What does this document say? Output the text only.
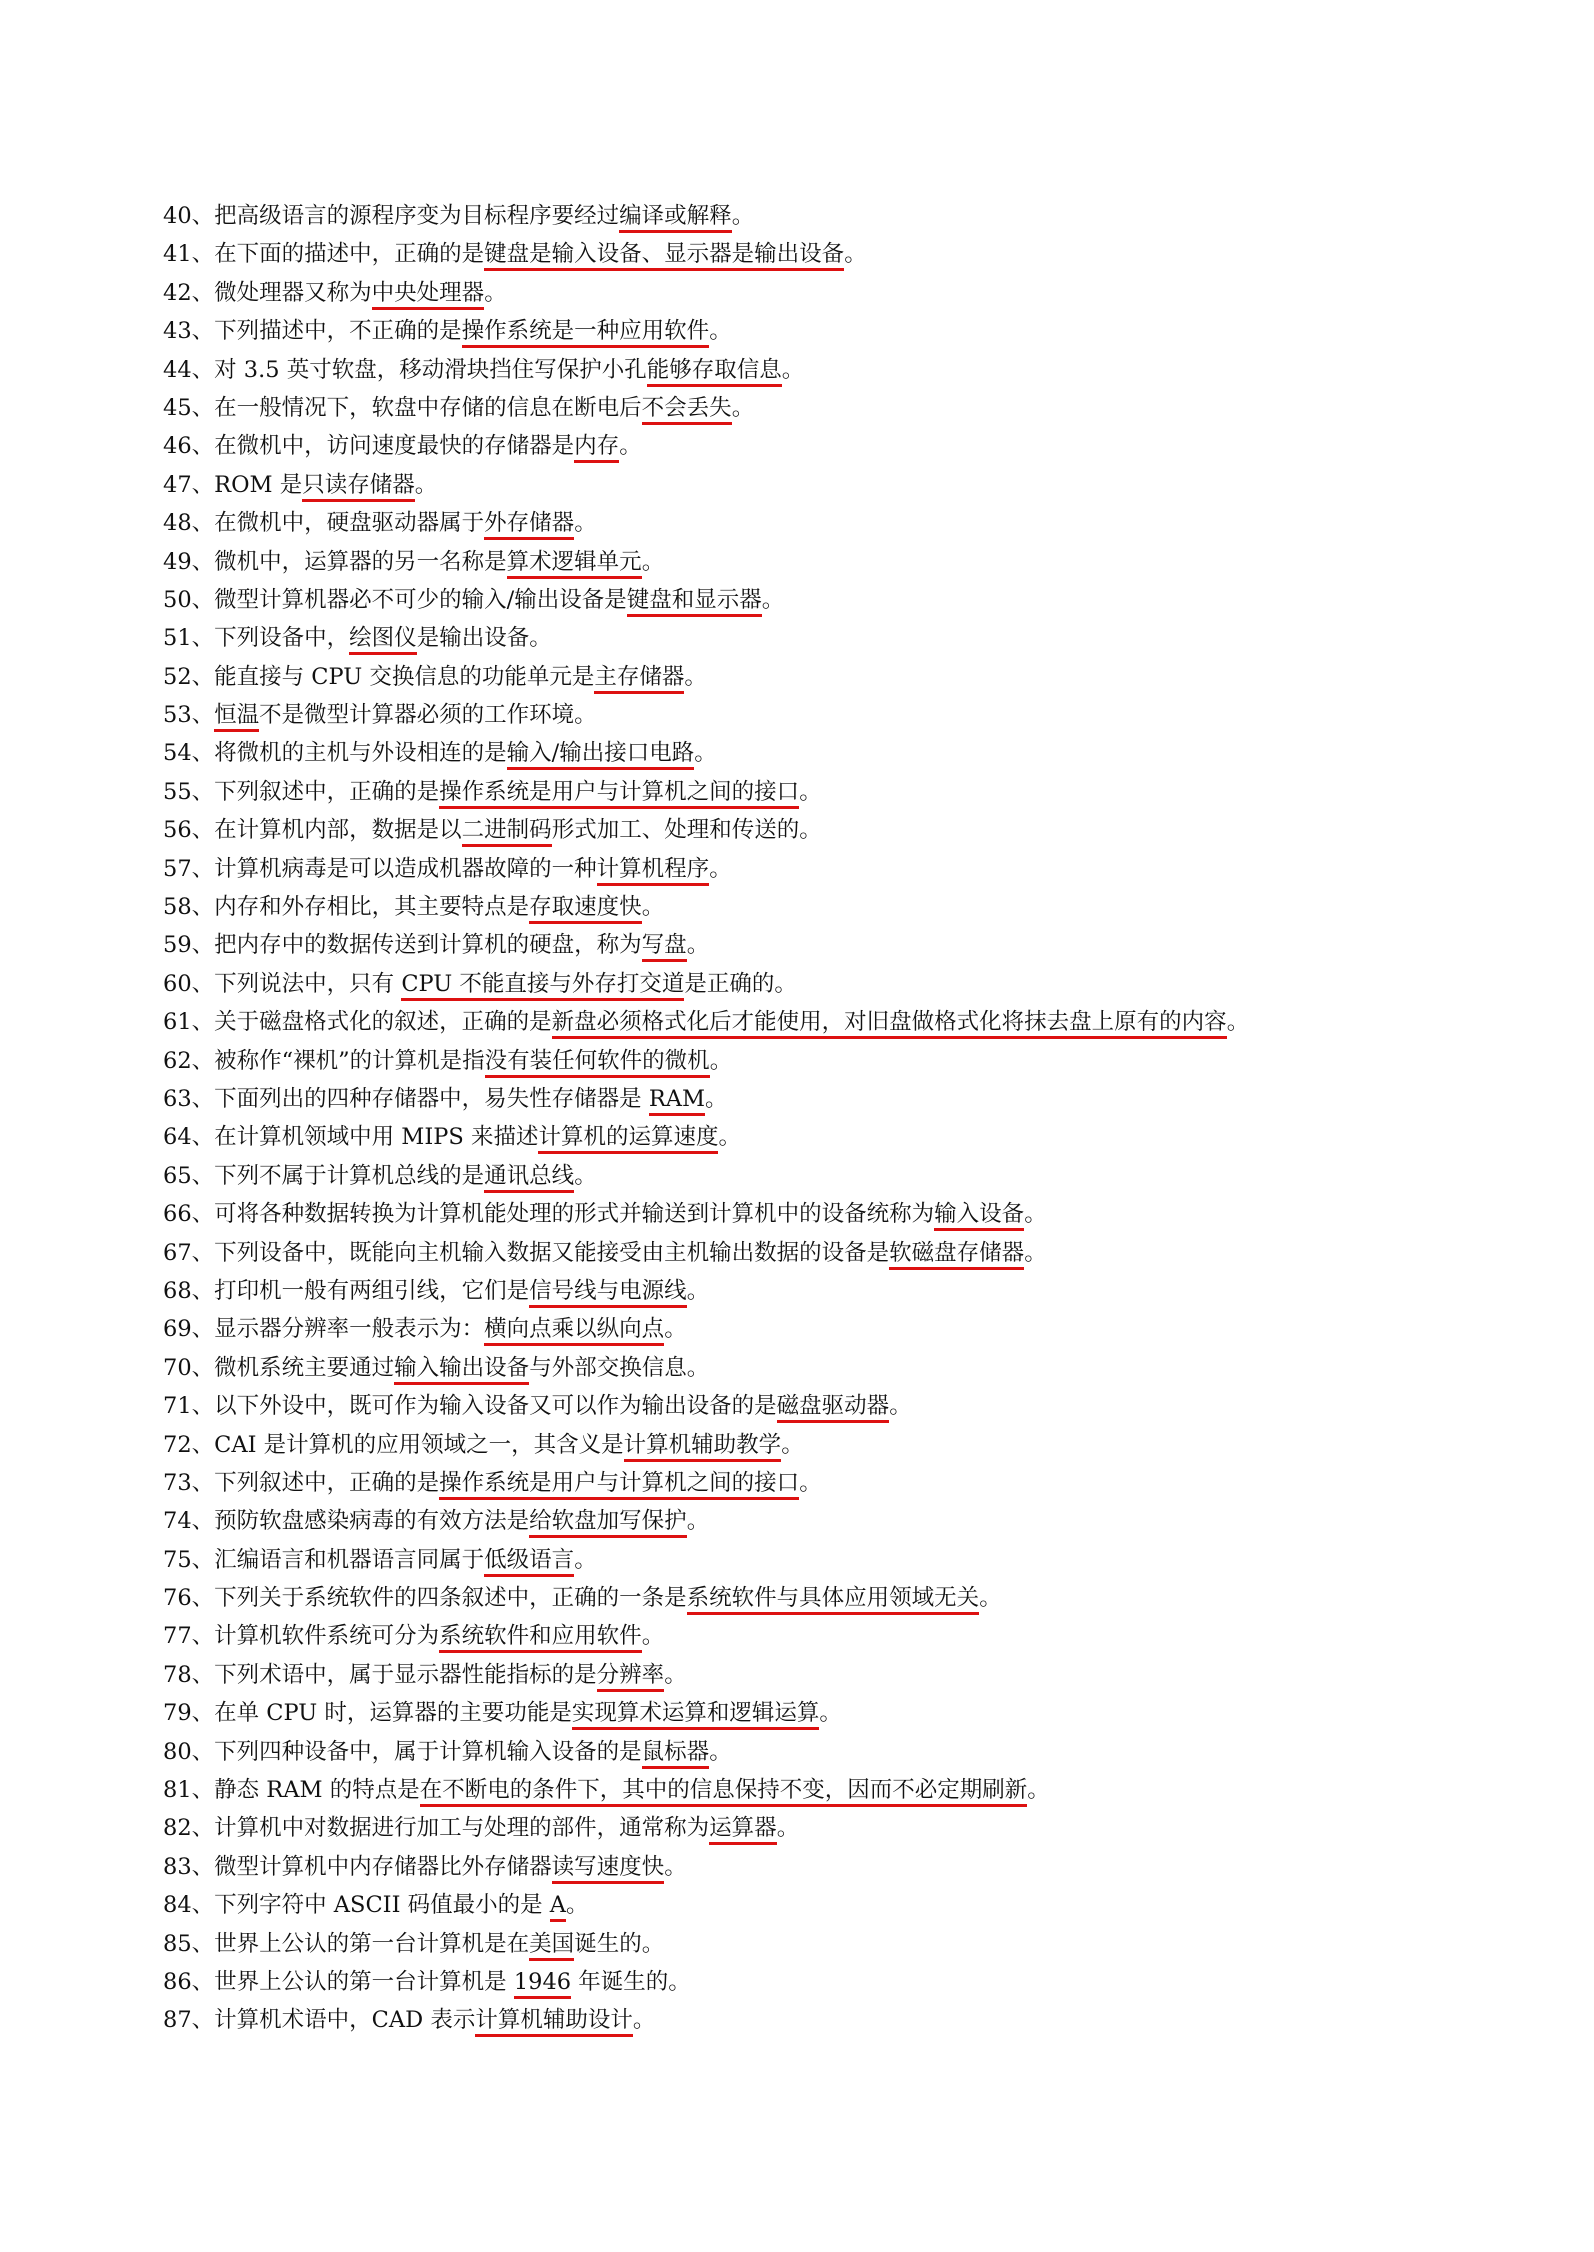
40、把高级语言的源程序变为目标程序要经过编译或解释。
41、在下面的描述中，正确的是键盘是输入设备、显示器是输出设备。
42、微处理器又称为中央处理器。
43、下列描述中，不正确的是操作系统是一种应用软件。
44、对 3.5 英寸软盘，移动滑块挡住写保护小孔能够存取信息。
45、在一般情况下，软盘中存储的信息在断电后不会丢失。
46、在微机中，访问速度最快的存储器是内存。
47、ROM 是只读存储器。
48、在微机中，硬盘驱动器属于外存储器。
49、微机中，运算器的另一名称是算术逻辑单元。
50、微型计算机器必不可少的输入/输出设备是键盘和显示器。
51、下列设备中，绘图仪是输出设备。
52、能直接与 CPU 交换信息的功能单元是主存储器。
53、恒温不是微型计算器必须的工作环境。
54、将微机的主机与外设相连的是输入/输出接口电路。
55、下列叙述中，正确的是操作系统是用户与计算机之间的接口。
56、在计算机内部，数据是以二进制码形式加工、处理和传送的。
57、计算机病毒是可以造成机器故障的一种计算机程序。
58、内存和外存相比，其主要特点是存取速度快。
59、把内存中的数据传送到计算机的硬盘，称为写盘。
60、下列说法中，只有 CPU 不能直接与外存打交道是正确的。
61、关于磁盘格式化的叙述，正确的是新盘必须格式化后才能使用，对旧盘做格式化将抹去盘上原有的内容。
62、被称作“裸机”的计算机是指没有装任何软件的微机。
63、下面列出的四种存储器中，易失性存储器是 RAM。
64、在计算机领域中用 MIPS 来描述计算机的运算速度。
65、下列不属于计算机总线的是通讯总线。
66、可将各种数据转换为计算机能处理的形式并输送到计算机中的设备统称为输入设备。
67、下列设备中，既能向主机输入数据又能接受由主机输出数据的设备是软磁盘存储器。
68、打印机一般有两组引线，它们是信号线与电源线。
69、显示器分辨率一般表示为：横向点乘以纵向点。
70、微机系统主要通过输入输出设备与外部交换信息。
71、以下外设中，既可作为输入设备又可以作为输出设备的是磁盘驱动器。
72、CAI 是计算机的应用领域之一，其含义是计算机辅助教学。
73、下列叙述中，正确的是操作系统是用户与计算机之间的接口。
74、预防软盘感染病毒的有效方法是给软盘加写保护。
75、汇编语言和机器语言同属于低级语言。
76、下列关于系统软件的四条叙述中，正确的一条是系统软件与具体应用领域无关。
77、计算机软件系统可分为系统软件和应用软件。
78、下列术语中，属于显示器性能指标的是分辨率。
79、在单 CPU 时，运算器的主要功能是实现算术运算和逻辑运算。
80、下列四种设备中，属于计算机输入设备的是鼠标器。
81、静态 RAM 的特点是在不断电的条件下，其中的信息保持不变，因而不必定期刷新。
82、计算机中对数据进行加工与处理的部件，通常称为运算器。
83、微型计算机中内存储器比外存储器读写速度快。
84、下列字符中 ASCII 码值最小的是 A。
85、世界上公认的第一台计算机是在美国诞生的。
86、世界上公认的第一台计算机是 1946 年诞生的。
87、计算机术语中，CAD 表示计算机辅助设计。
